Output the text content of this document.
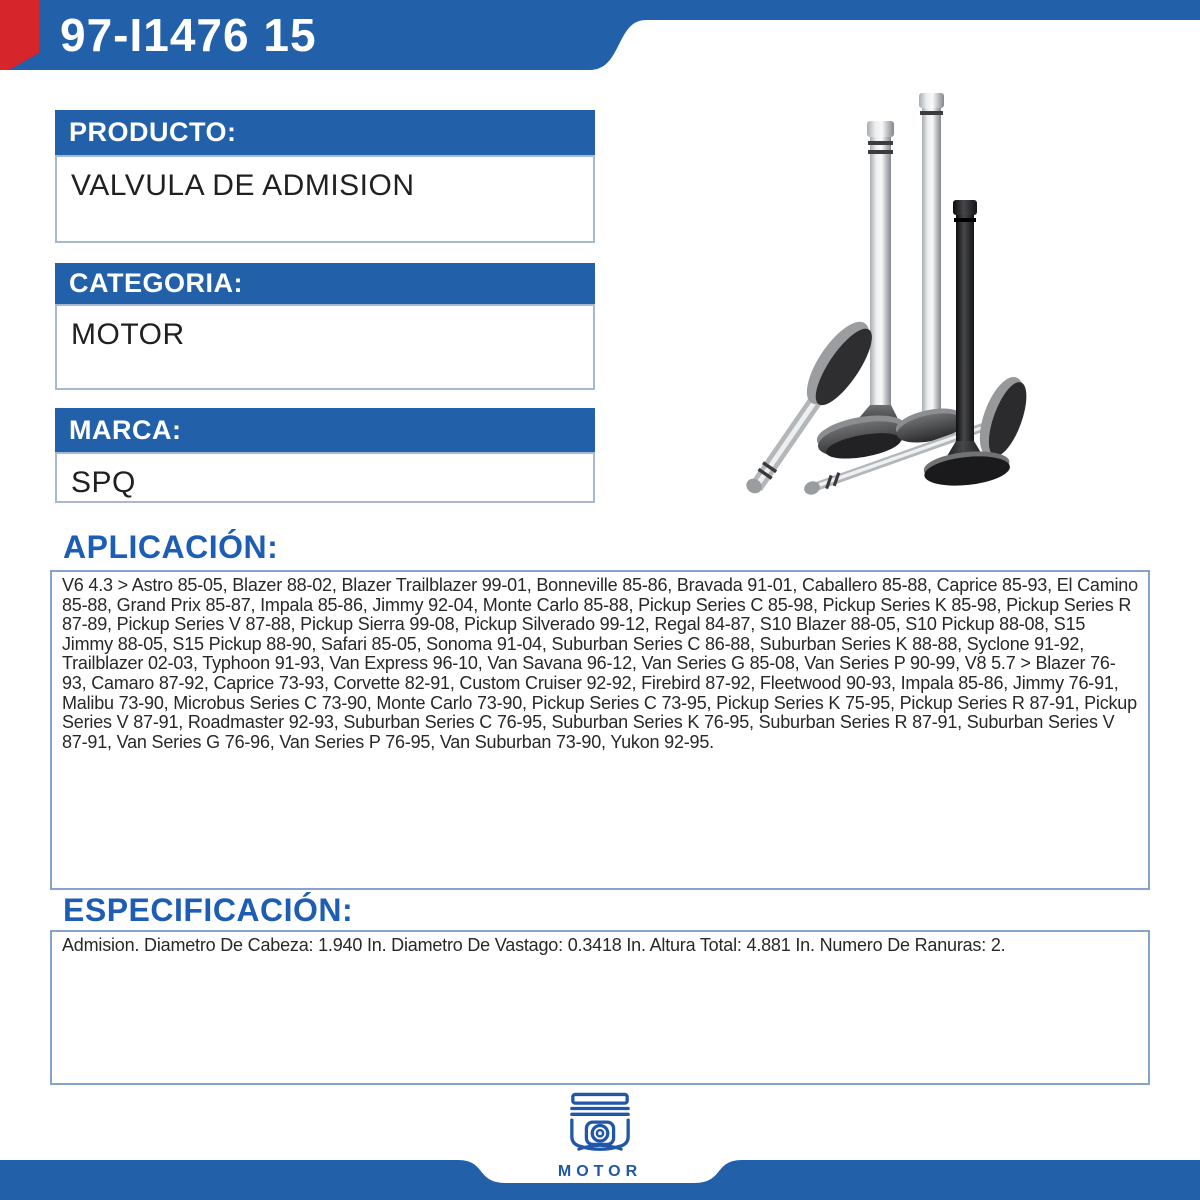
97-I1476 15
PRODUCTO:
VALVULA DE ADMISION
CATEGORIA:
MOTOR
MARCA:
SPQ
APLICACIÓN:
V6 4.3 > Astro 85-05, Blazer 88-02, Blazer Trailblazer 99-01, Bonneville 85-86, Bravada 91-01, Caballero 85-88, Caprice 85-93, El Camino 85-88, Grand Prix 85-87, Impala 85-86, Jimmy 92-04, Monte Carlo 85-88, Pickup Series C 85-98, Pickup Series K 85-98, Pickup Series R 87-89, Pickup Series V 87-88, Pickup Sierra 99-08, Pickup Silverado 99-12, Regal 84-87, S10 Blazer 88-05, S10 Pickup 88-08, S15 Jimmy 88-05, S15 Pickup 88-90, Safari 85-05, Sonoma 91-04, Suburban Series C 86-88, Suburban Series K 88-88, Syclone 91-92, Trailblazer 02-03, Typhoon 91-93, Van Express 96-10, Van Savana 96-12, Van Series G 85-08, Van Series P 90-99, V8 5.7 > Blazer 76-93, Camaro 87-92, Caprice 73-93, Corvette 82-91, Custom Cruiser 92-92, Firebird 87-92, Fleetwood 90-93, Impala 85-86, Jimmy 76-91, Malibu 73-90, Microbus Series C 73-90, Monte Carlo 73-90, Pickup Series C 73-95, Pickup Series K 75-95, Pickup Series R 87-91, Pickup Series V 87-91, Roadmaster 92-93, Suburban Series C 76-95, Suburban Series K 76-95, Suburban Series R 87-91, Suburban Series V 87-91, Van Series G 76-96, Van Series P 76-95, Van Suburban 73-90, Yukon 92-95.
ESPECIFICACIÓN:
Admision. Diametro De Cabeza: 1.940 In. Diametro De Vastago: 0.3418 In. Altura Total: 4.881 In. Numero De Ranuras: 2.
MOTOR
